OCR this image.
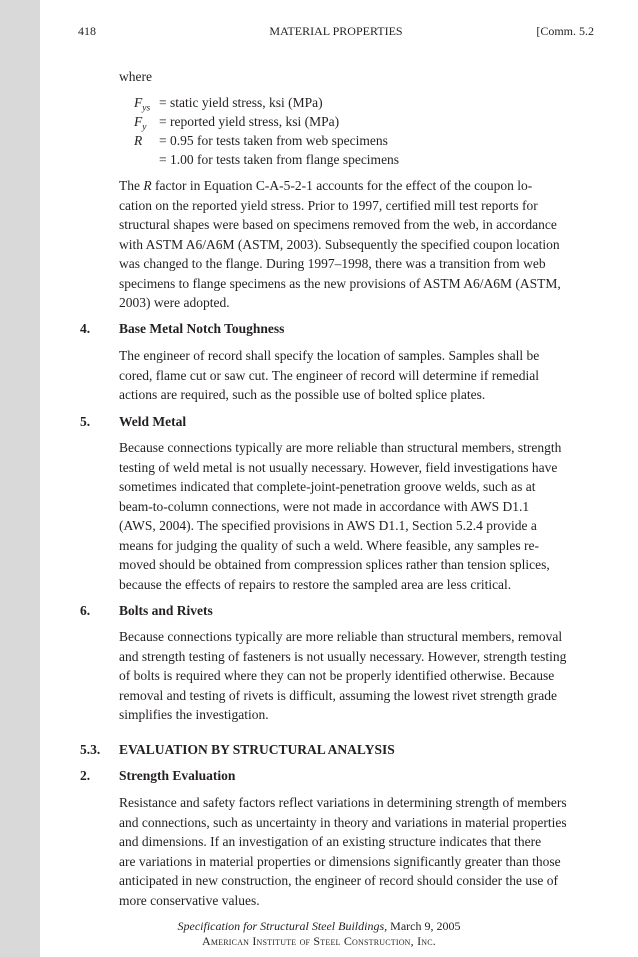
418	MATERIAL PROPERTIES	[Comm. 5.2
where
$F_{ys}$ = static yield stress, ksi (MPa)
$F_y$ = reported yield stress, ksi (MPa)
R	= 0.95 for tests taken from web specimens
= 1.00 for tests taken from flange specimens
The R factor in Equation C-A-5-2-1 accounts for the effect of the coupon lo-
cation on the reported yield stress. Prior to 1997, certified mill test reports for
structural shapes were based on specimens removed from the web, in accordance
with ASTM A6/A6M (ASTM, 2003). Subsequently the specified coupon location
was changed to the flange. During 1997–1998, there was a transition from web
specimens to flange specimens as the new provisions of ASTM A6/A6M (ASTM,
2003) were adopted.
4. Base Metal Notch Toughness
The engineer of record shall specify the location of samples. Samples shall be
cored, flame cut or saw cut. The engineer of record will determine if remedial
actions are required, such as the possible use of bolted splice plates.
5. Weld Metal
Because connections typically are more reliable than structural members, strength
testing of weld metal is not usually necessary. However, field investigations have
sometimes indicated that complete-joint-penetration groove welds, such as at
beam-to-column connections, were not made in accordance with AWS D1.1
(AWS, 2004). The specified provisions in AWS D1.1, Section 5.2.4 provide a
means for judging the quality of such a weld. Where feasible, any samples re-
moved should be obtained from compression splices rather than tension splices,
because the effects of repairs to restore the sampled area are less critical.
6. Bolts and Rivets
Because connections typically are more reliable than structural members, removal
and strength testing of fasteners is not usually necessary. However, strength testing
of bolts is required where they can not be properly identified otherwise. Because
removal and testing of rivets is difficult, assuming the lowest rivet strength grade
simplifies the investigation.
5.3. EVALUATION BY STRUCTURAL ANALYSIS
2. Strength Evaluation
Resistance and safety factors reflect variations in determining strength of members
and connections, such as uncertainty in theory and variations in material properties
and dimensions. If an investigation of an existing structure indicates that there
are variations in material properties or dimensions significantly greater than those
anticipated in new construction, the engineer of record should consider the use of
more conservative values.
Specification for Structural Steel Buildings, March 9, 2005
American Institute of Steel Construction, Inc.
